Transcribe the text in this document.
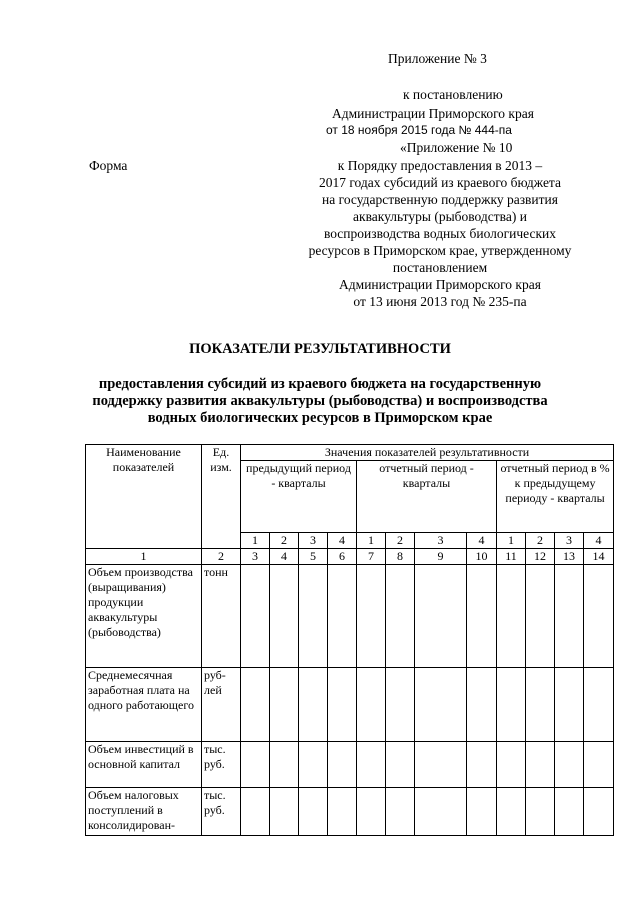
Приложение № 3
к постановлению
Администрации Приморского края
от 18 ноября 2015 года № 444-па
«Приложение № 10
Форма	к Порядку предоставления в 2013 –
2017 годах субсидий из краевого бюджета
на государственную поддержку развития
аквакультуры (рыбоводства) и
воспроизводства водных биологических
ресурсов в Приморском крае, утвержденному
постановлением
Администрации Приморского края
от 13 июня 2013 год № 235-па
ПОКАЗАТЕЛИ РЕЗУЛЬТАТИВНОСТИ
предоставления субсидий из краевого бюджета на государственную
поддержку развития аквакультуры (рыбоводства) и воспроизводства
водных биологических ресурсов в Приморском крае
Наименование показателей	Ед. изм.	Значения показателей результативности											
		предыдущий период - кварталы				отчетный период - кварталы				отчетный период в % к предыдущему периоду - кварталы			
		1	2	3	4	1	2	3	4	1	2	3	4
1	2	3	4	5	6	7	8	9	10	11	12	13	14
Объем производства (выращивания) продукции аквакультуры (рыбоводства)	тонн												
Среднемесячная заработная плата на одного работающего	руб- лей												
Объем инвестиций в основной капитал	тыс. руб.												
Объем налоговых поступлений в консолидирован-	тыс. руб.												
